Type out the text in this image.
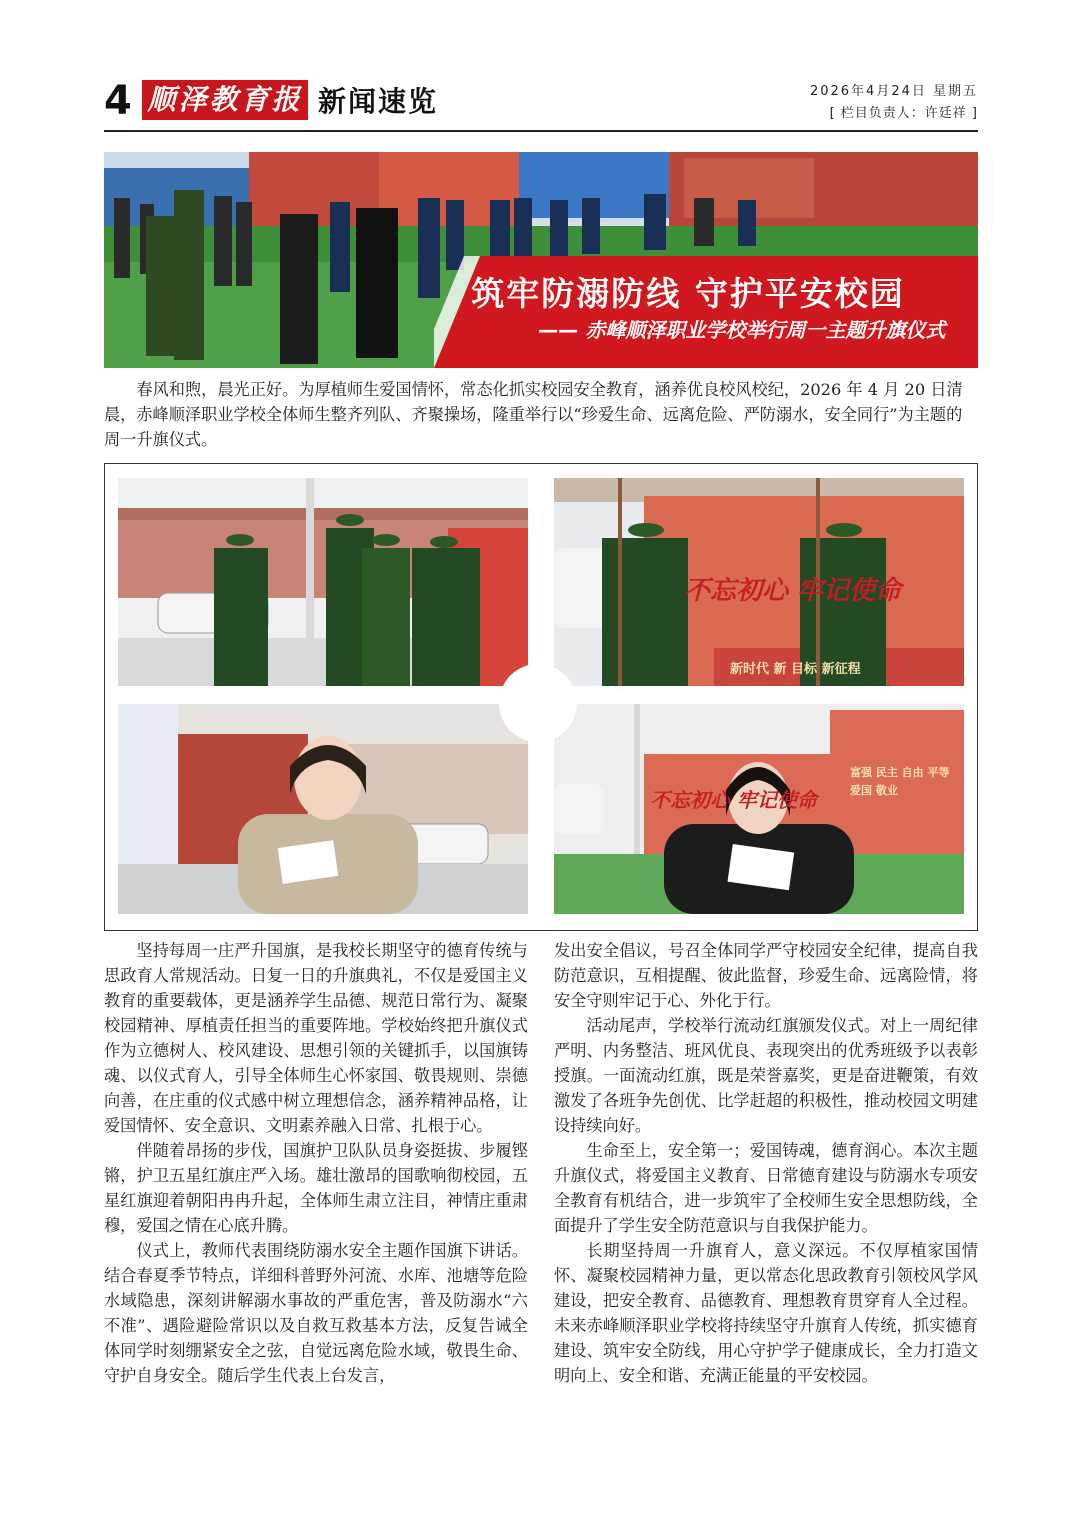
4 顺泽教育报 新闻速览	2026年4月24日 星期五
[ 栏目负责人：许廷祥 ]
筑牢防溺防线 守护平安校园
—— 赤峰顺泽职业学校举行周一主题升旗仪式

春风和煦，晨光正好。为厚植师生爱国情怀，常态化抓实校园安全教育，涵养优良校风校纪，2026 年 4 月 20 日清晨，赤峰顺泽职业学校全体师生整齐列队、齐聚操场，隆重举行以“珍爱生命、远离危险、严防溺水，安全同行”为主题的周一升旗仪式。

不忘初心 牢记使命
新时代 新 目标 新征程
不忘初心 牢记使命
富强 民主 自由 平等 爱国 敬业

坚持每周一庄严升国旗，是我校长期坚守的德育传统与思政育人常规活动。日复一日的升旗典礼，不仅是爱国主义教育的重要载体，更是涵养学生品德、规范日常行为、凝聚校园精神、厚植责任担当的重要阵地。学校始终把升旗仪式作为立德树人、校风建设、思想引领的关键抓手，以国旗铸魂、以仪式育人，引导全体师生心怀家国、敬畏规则、崇德向善，在庄重的仪式感中树立理想信念，涵养精神品格，让爱国情怀、安全意识、文明素养融入日常、扎根于心。

伴随着昂扬的步伐，国旗护卫队队员身姿挺拔、步履铿锵，护卫五星红旗庄严入场。雄壮激昂的国歌响彻校园，五星红旗迎着朝阳冉冉升起，全体师生肃立注目，神情庄重肃穆，爱国之情在心底升腾。

仪式上，教师代表围绕防溺水安全主题作国旗下讲话。结合春夏季节特点，详细科普野外河流、水库、池塘等危险水域隐患，深刻讲解溺水事故的严重危害，普及防溺水“六不准”、遇险避险常识以及自救互救基本方法，反复告诫全体同学时刻绷紧安全之弦，自觉远离危险水域，敬畏生命、守护自身安全。随后学生代表上台发言，

发出安全倡议，号召全体同学严守校园安全纪律，提高自我防范意识，互相提醒、彼此监督，珍爱生命、远离险情，将安全守则牢记于心、外化于行。

活动尾声，学校举行流动红旗颁发仪式。对上一周纪律严明、内务整洁、班风优良、表现突出的优秀班级予以表彰授旗。一面流动红旗，既是荣誉嘉奖，更是奋进鞭策，有效激发了各班争先创优、比学赶超的积极性，推动校园文明建设持续向好。

生命至上，安全第一；爱国铸魂，德育润心。本次主题升旗仪式，将爱国主义教育、日常德育建设与防溺水专项安全教育有机结合，进一步筑牢了全校师生安全思想防线，全面提升了学生安全防范意识与自我保护能力。

长期坚持周一升旗育人，意义深远。不仅厚植家国情怀、凝聚校园精神力量，更以常态化思政教育引领校风学风建设，把安全教育、品德教育、理想教育贯穿育人全过程。未来赤峰顺泽职业学校将持续坚守升旗育人传统，抓实德育建设、筑牢安全防线，用心守护学子健康成长，全力打造文明向上、安全和谐、充满正能量的平安校园。
